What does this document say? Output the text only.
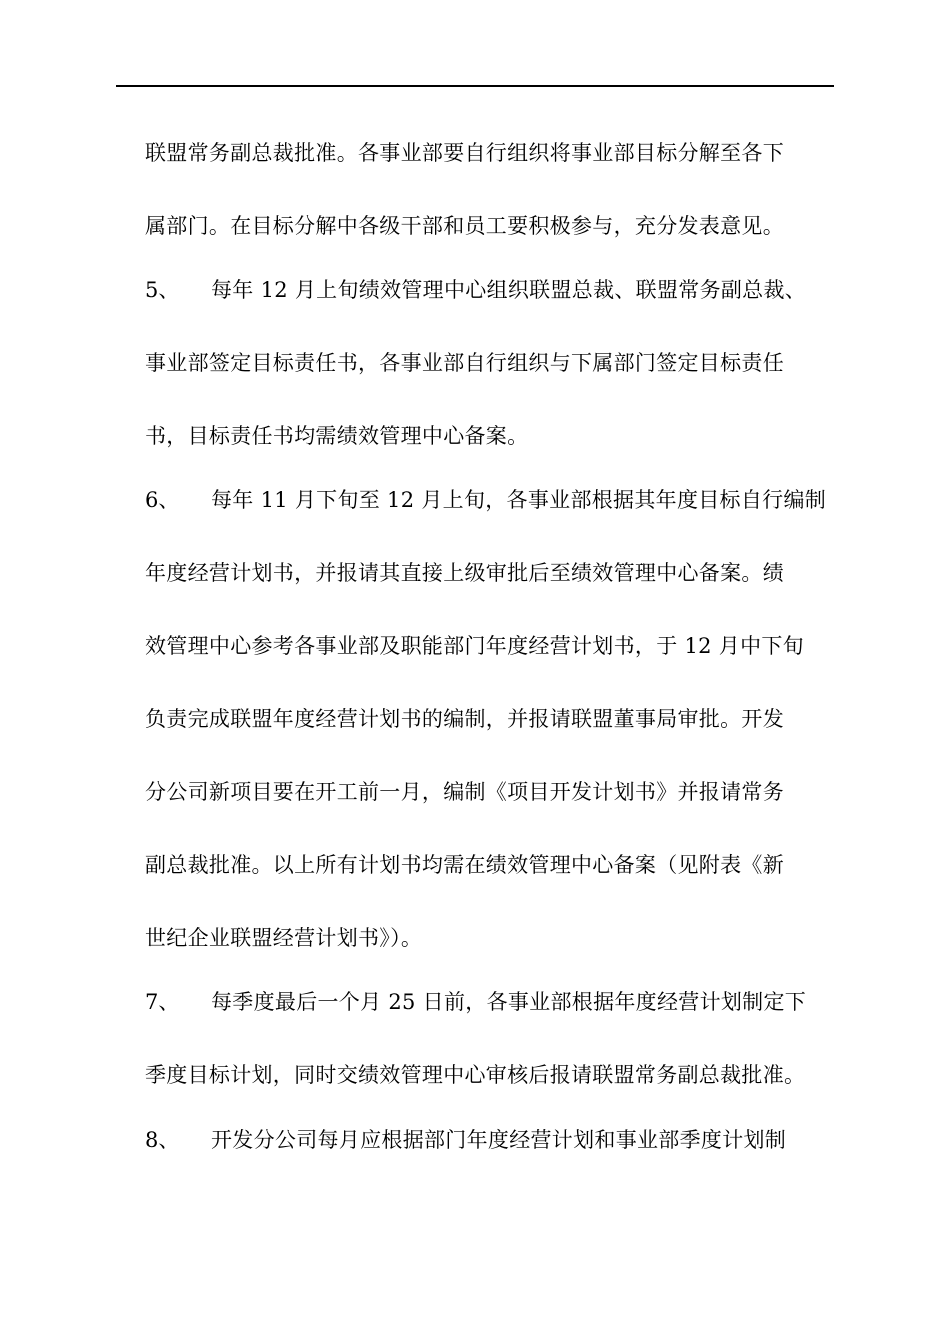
联盟常务副总裁批准。各事业部要自行组织将事业部目标分解至各下
属部门。在目标分解中各级干部和员工要积极参与，充分发表意见。
5、 每年 12 月上旬绩效管理中心组织联盟总裁、联盟常务副总裁、
事业部签定目标责任书，各事业部自行组织与下属部门签定目标责任
书，目标责任书均需绩效管理中心备案。
6、 每年 11 月下旬至 12 月上旬，各事业部根据其年度目标自行编制
年度经营计划书，并报请其直接上级审批后至绩效管理中心备案。绩
效管理中心参考各事业部及职能部门年度经营计划书，于 12 月中下旬
负责完成联盟年度经营计划书的编制，并报请联盟董事局审批。开发
分公司新项目要在开工前一月，编制《项目开发计划书》并报请常务
副总裁批准。以上所有计划书均需在绩效管理中心备案（见附表《新
世纪企业联盟经营计划书》）。
7、 每季度最后一个月 25 日前，各事业部根据年度经营计划制定下
季度目标计划，同时交绩效管理中心审核后报请联盟常务副总裁批准。
8、 开发分公司每月应根据部门年度经营计划和事业部季度计划制
